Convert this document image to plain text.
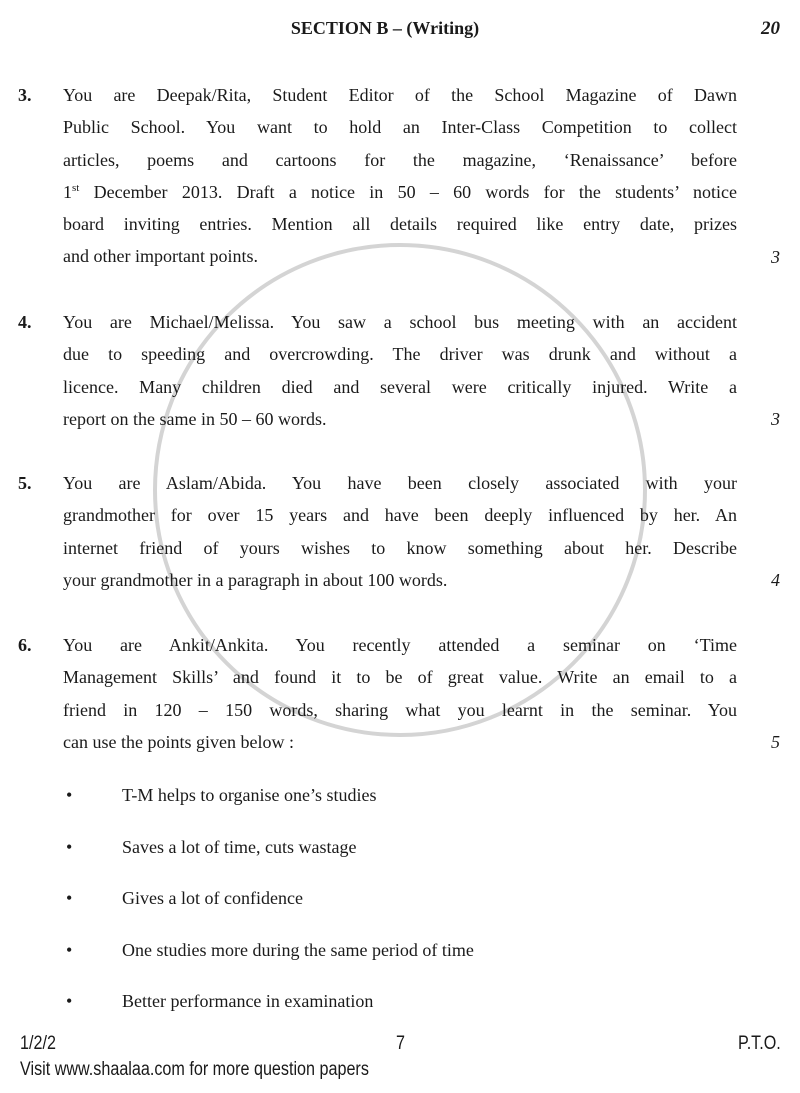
SECTION B – (Writing)	20
3. You are Deepak/Rita, Student Editor of the School Magazine of Dawn
Public School. You want to hold an Inter-Class Competition to collect
articles, poems and cartoons for the magazine, ‘Renaissance’ before
1st December 2013. Draft a notice in 50 – 60 words for the students’ notice
board inviting entries. Mention all details required like entry date, prizes
and other important points.	3
4. You are Michael/Melissa. You saw a school bus meeting with an accident
due to speeding and overcrowding. The driver was drunk and without a
licence. Many children died and several were critically injured. Write a
report on the same in 50 – 60 words.	3
5. You are Aslam/Abida. You have been closely associated with your
grandmother for over 15 years and have been deeply influenced by her. An
internet friend of yours wishes to know something about her. Describe
your grandmother in a paragraph in about 100 words.	4
6. You are Ankit/Ankita. You recently attended a seminar on ‘Time
Management Skills’ and found it to be of great value. Write an email to a
friend in 120 – 150 words, sharing what you learnt in the seminar. You
can use the points given below :	5
•	T-M helps to organise one’s studies
•	Saves a lot of time, cuts wastage
•	Gives a lot of confidence
•	One studies more during the same period of time
•	Better performance in examination
1/2/2	7	P.T.O.
Visit www.shaalaa.com for more question papers
